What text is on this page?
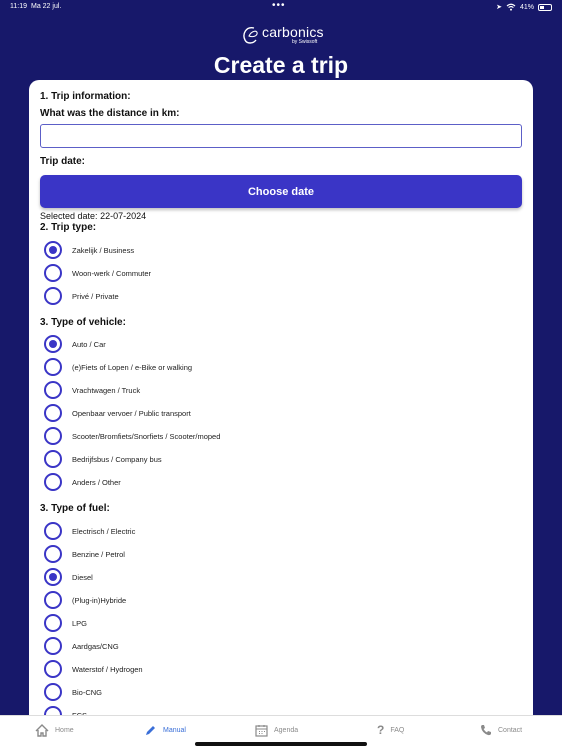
11:19 Ma 22 jul.	•••	➤	41%
carbonics
by Swissoft
Create a trip
1. Trip information:
What was the distance in km:
Trip date:
Choose date
Selected date: 22-07-2024
2. Trip type:
Zakelijk / Business
Woon-werk / Commuter
Privé / Private
3. Type of vehicle:
Auto / Car
(e)Fiets of Lopen / e-Bike or walking
Vrachtwagen / Truck
Openbaar vervoer / Public transport
Scooter/Bromfiets/Snorfiets / Scooter/moped
Bedrijfsbus / Company bus
Anders / Other
3. Type of fuel:
Electrisch / Electric
Benzine / Petrol
Diesel
(Plug-in)Hybride
LPG
Aardgas/CNG
Waterstof / Hydrogen
Bio-CNG
Home	Manual	Agenda	? FAQ	Contact
